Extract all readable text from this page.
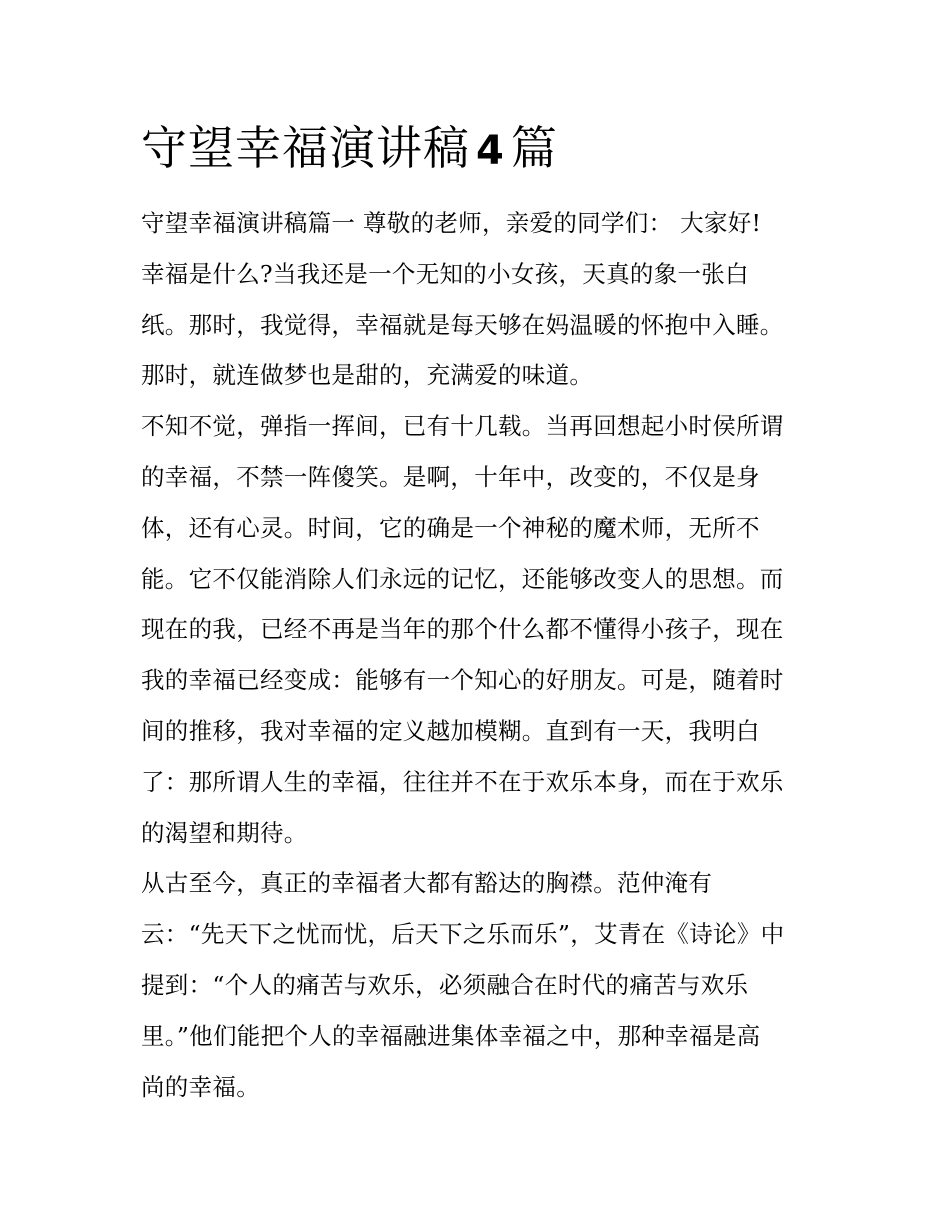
守望幸福演讲稿 4 篇
守望幸福演讲稿篇一 尊敬的老师，亲爱的同学们： 大家好!
幸福是什么?当我还是一个无知的小女孩，天真的象一张白
纸。那时，我觉得，幸福就是每天够在妈温暖的怀抱中入睡。
那时，就连做梦也是甜的，充满爱的味道。
不知不觉，弹指一挥间，已有十几载。当再回想起小时侯所谓
的幸福，不禁一阵傻笑。是啊，十年中，改变的，不仅是身
体，还有心灵。时间，它的确是一个神秘的魔术师，无所不
能。它不仅能消除人们永远的记忆，还能够改变人的思想。而
现在的我，已经不再是当年的那个什么都不懂得小孩子，现在
我的幸福已经变成：能够有一个知心的好朋友。可是，随着时
间的推移，我对幸福的定义越加模糊。直到有一天，我明白
了：那所谓人生的幸福，往往并不在于欢乐本身，而在于欢乐
的渴望和期待。
从古至今，真正的幸福者大都有豁达的胸襟。范仲淹有
云：“先天下之忧而忧，后天下之乐而乐”，艾青在《诗论》中
提到：“个人的痛苦与欢乐，必须融合在时代的痛苦与欢乐
里。”他们能把个人的幸福融进集体幸福之中，那种幸福是高
尚的幸福。
